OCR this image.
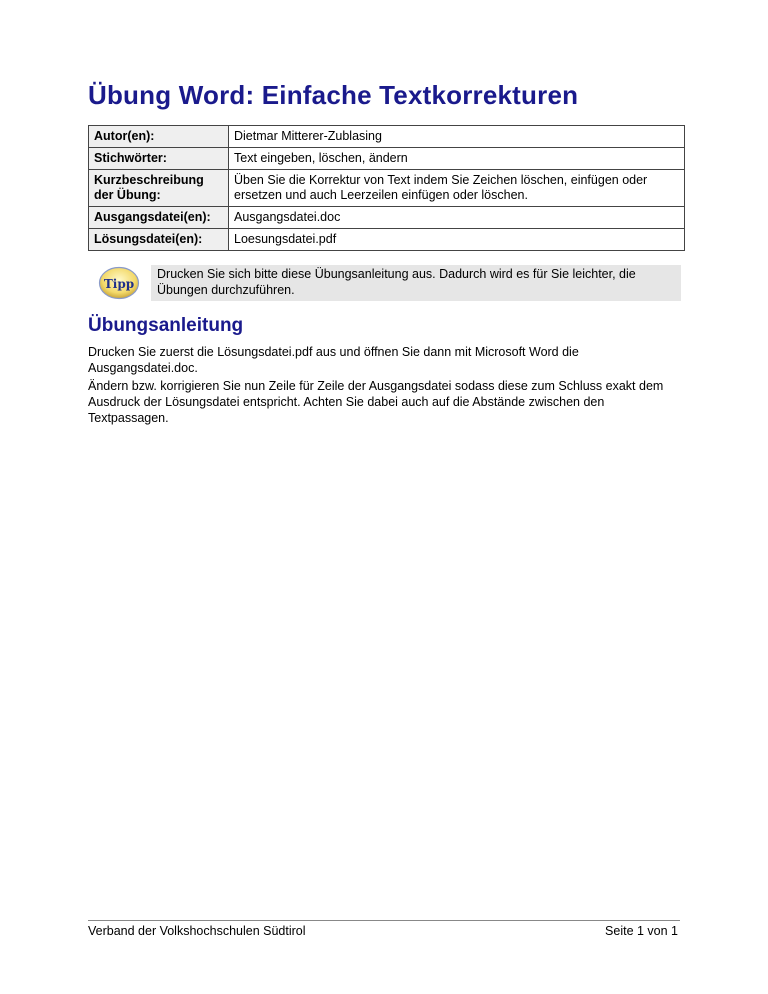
Übung Word: Einfache Textkorrekturen
Autor(en):	Dietmar Mitterer-Zublasing
Stichwörter:	Text eingeben, löschen, ändern
Kurzbeschreibung der Übung:	Üben Sie die Korrektur von Text indem Sie Zeichen löschen, einfügen oder ersetzen und auch Leerzeilen einfügen oder löschen.
Ausgangsdatei(en):	Ausgangsdatei.doc
Lösungsdatei(en):	Loesungsdatei.pdf
Tipp
Drucken Sie sich bitte diese Übungsanleitung aus. Dadurch wird es für Sie leichter, die Übungen durchzuführen.
Übungsanleitung

Drucken Sie zuerst die Lösungsdatei.pdf aus und öffnen Sie dann mit Microsoft Word die Ausgangsdatei.doc.

Ändern bzw. korrigieren Sie nun Zeile für Zeile der Ausgangsdatei sodass diese zum Schluss exakt dem Ausdruck der Lösungsdatei entspricht. Achten Sie dabei auch auf die Abstände zwischen den Textpassagen.

Verband der Volkshochschulen Südtirol	Seite 1 von 1
